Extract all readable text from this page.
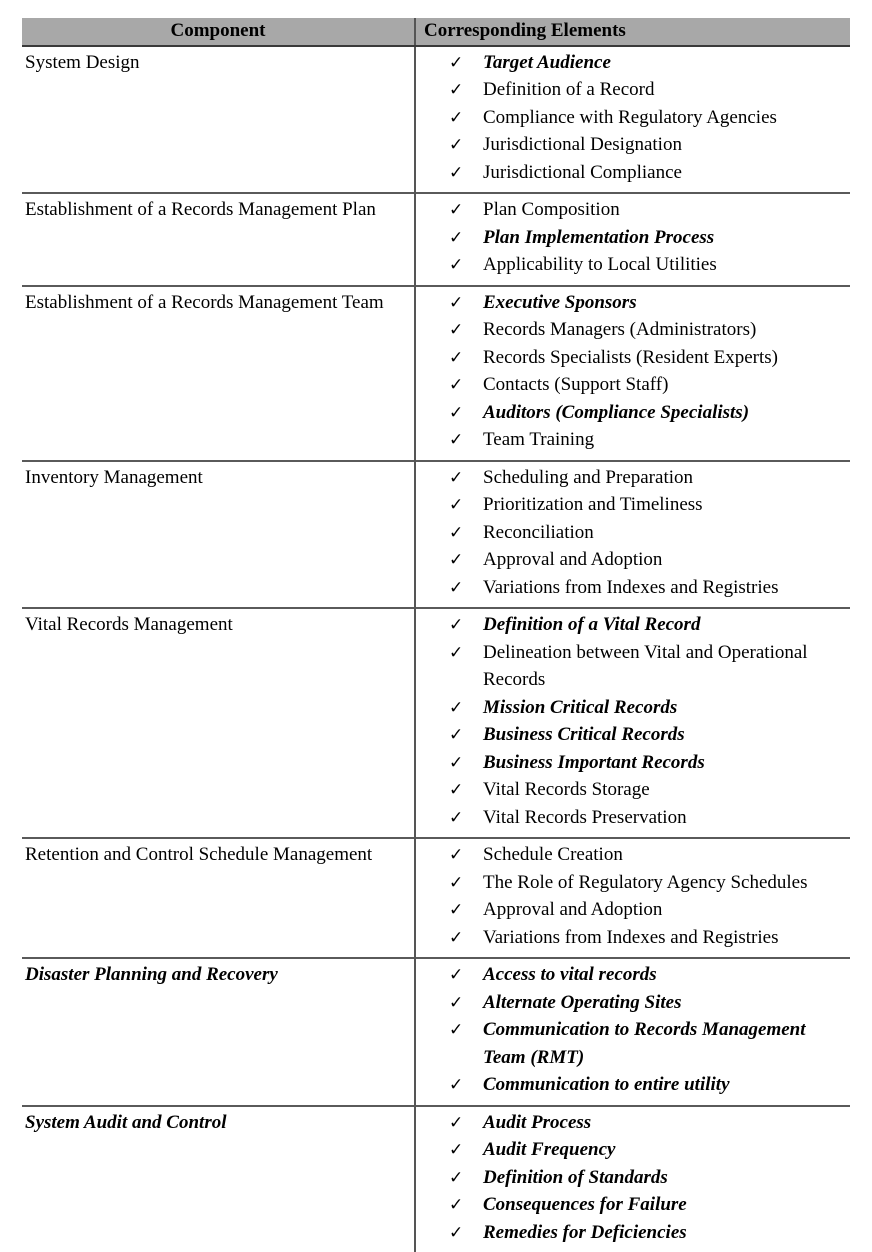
Component	Corresponding Elements

System Design	✓ Target Audience
✓ Definition of a Record
✓ Compliance with Regulatory Agencies
✓ Jurisdictional Designation
✓ Jurisdictional Compliance

Establishment of a Records Management Plan	✓ Plan Composition
✓ Plan Implementation Process
✓ Applicability to Local Utilities

Establishment of a Records Management Team	✓ Executive Sponsors
✓ Records Managers (Administrators)
✓ Records Specialists (Resident Experts)
✓ Contacts (Support Staff)
✓ Auditors (Compliance Specialists)
✓ Team Training

Inventory Management	✓ Scheduling and Preparation
✓ Prioritization and Timeliness
✓ Reconciliation
✓ Approval and Adoption
✓ Variations from Indexes and Registries

Vital Records Management	✓ Definition of a Vital Record
✓ Delineation between Vital and Operational Records
✓ Mission Critical Records
✓ Business Critical Records
✓ Business Important Records
✓ Vital Records Storage
✓ Vital Records Preservation

Retention and Control Schedule Management	✓ Schedule Creation
✓ The Role of Regulatory Agency Schedules
✓ Approval and Adoption
✓ Variations from Indexes and Registries

Disaster Planning and Recovery	✓ Access to vital records
✓ Alternate Operating Sites
✓ Communication to Records Management Team (RMT)
✓ Communication to entire utility

System Audit and Control	✓ Audit Process
✓ Audit Frequency
✓ Definition of Standards
✓ Consequences for Failure
✓ Remedies for Deficiencies
